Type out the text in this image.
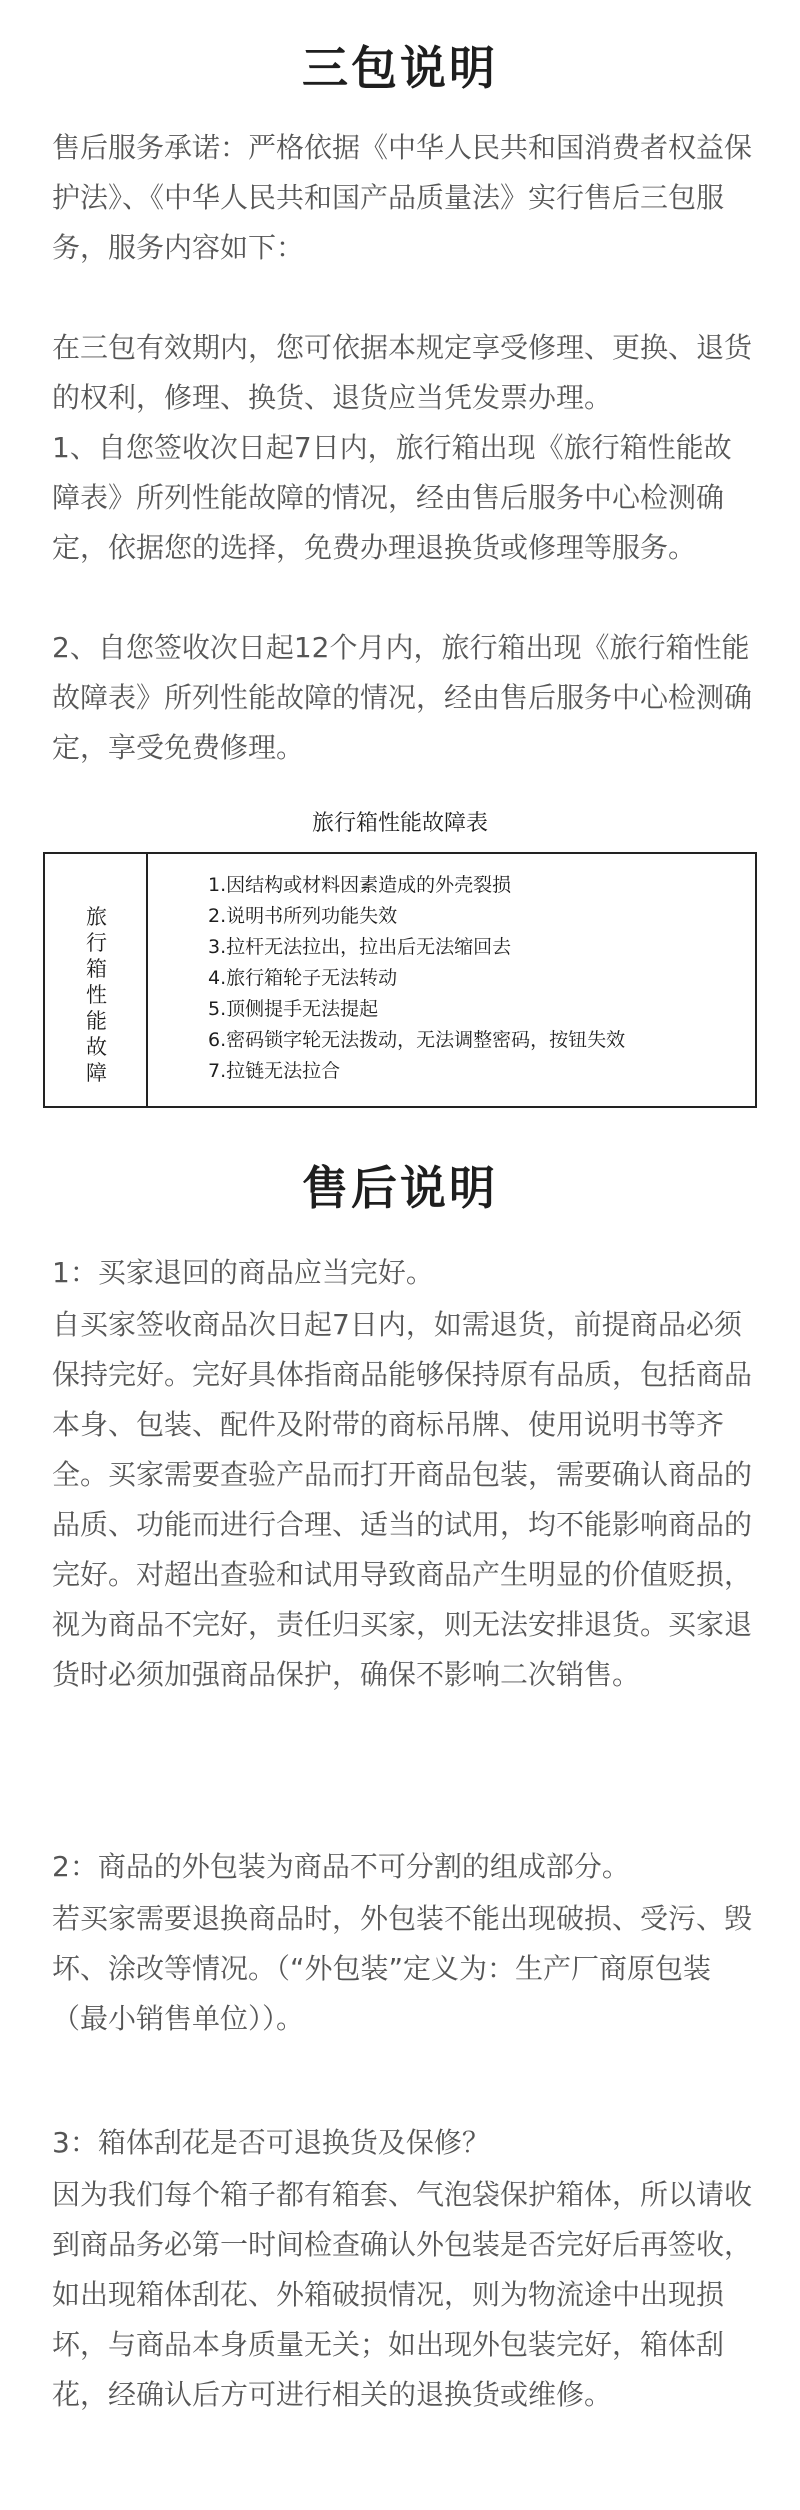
三包说明

售后服务承诺：严格依据《中华人民共和国消费者权益保护法》、《中华人民共和国产品质量法》实行售后三包服务，服务内容如下：

在三包有效期内，您可依据本规定享受修理、更换、退货的权利，修理、换货、退货应当凭发票办理。

1、自您签收次日起7日内，旅行箱出现《旅行箱性能故障表》所列性能故障的情况，经由售后服务中心检测确定，依据您的选择，免费办理退换货或修理等服务。

2、自您签收次日起12个月内，旅行箱出现《旅行箱性能故障表》所列性能故障的情况，经由售后服务中心检测确定，享受免费修理。

旅行箱性能故障表

旅
行
箱
性
能
故
障
1.因结构或材料因素造成的外壳裂损
2.说明书所列功能失效
3.拉杆无法拉出，拉出后无法缩回去
4.旅行箱轮子无法转动
5.顶侧提手无法提起
6.密码锁字轮无法拨动，无法调整密码，按钮失效
7.拉链无法拉合
售后说明

1：买家退回的商品应当完好。

自买家签收商品次日起7日内，如需退货，前提商品必须保持完好。完好具体指商品能够保持原有品质，包括商品本身、包装、配件及附带的商标吊牌、使用说明书等齐全。买家需要查验产品而打开商品包装，需要确认商品的品质、功能而进行合理、适当的试用，均不能影响商品的完好。对超出查验和试用导致商品产生明显的价值贬损，视为商品不完好，责任归买家，则无法安排退货。买家退货时必须加强商品保护，确保不影响二次销售。

2：商品的外包装为商品不可分割的组成部分。

若买家需要退换商品时，外包装不能出现破损、受污、毁坏、涂改等情况。（“外包装”定义为：生产厂商原包装（最小销售单位））。

3：箱体刮花是否可退换货及保修？

因为我们每个箱子都有箱套、气泡袋保护箱体，所以请收到商品务必第一时间检查确认外包装是否完好后再签收，如出现箱体刮花、外箱破损情况，则为物流途中出现损坏，与商品本身质量无关；如出现外包装完好，箱体刮花，经确认后方可进行相关的退换货或维修。
